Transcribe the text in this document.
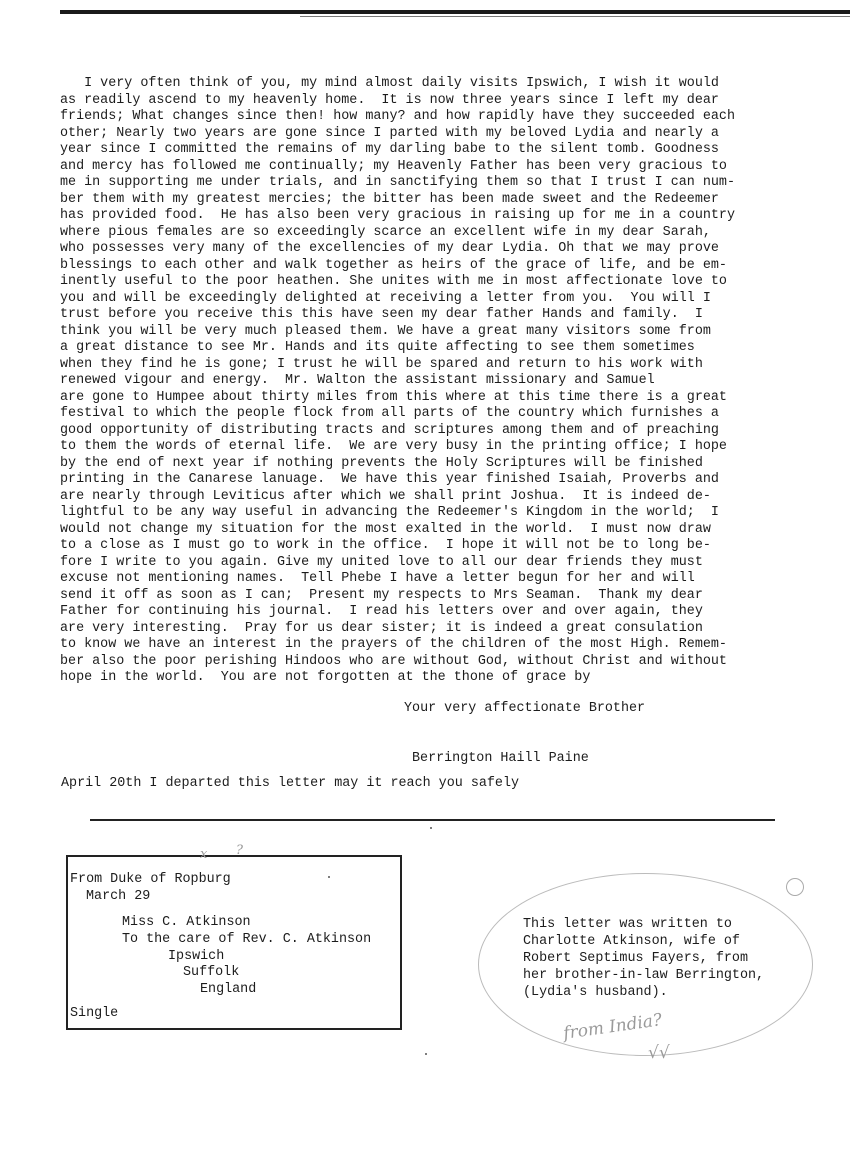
I very often think of you, my mind almost daily visits Ipswich, I wish it would
as readily ascend to my heavenly home.  It is now three years since I left my dear
friends; What changes since then! how many? and how rapidly have they succeeded each
other; Nearly two years are gone since I parted with my beloved Lydia and nearly a
year since I committed the remains of my darling babe to the silent tomb. Goodness
and mercy has followed me continually; my Heavenly Father has been very gracious to
me in supporting me under trials, and in sanctifying them so that I trust I can num-
ber them with my greatest mercies; the bitter has been made sweet and the Redeemer
has provided food.  He has also been very gracious in raising up for me in a country
where pious females are so exceedingly scarce an excellent wife in my dear Sarah,
who possesses very many of the excellencies of my dear Lydia. Oh that we may prove
blessings to each other and walk together as heirs of the grace of life, and be em-
inently useful to the poor heathen. She unites with me in most affectionate love to
you and will be exceedingly delighted at receiving a letter from you.  You will I
trust before you receive this this have seen my dear father Hands and family.  I
think you will be very much pleased them. We have a great many visitors some from
a great distance to see Mr. Hands and its quite affecting to see them sometimes
when they find he is gone; I trust he will be spared and return to his work with
renewed vigour and energy.  Mr. Walton the assistant missionary and Samuel
are gone to Humpee about thirty miles from this where at this time there is a great
festival to which the people flock from all parts of the country which furnishes a
good opportunity of distributing tracts and scriptures among them and of preaching
to them the words of eternal life.  We are very busy in the printing office; I hope
by the end of next year if nothing prevents the Holy Scriptures will be finished
printing in the Canarese lanuage.  We have this year finished Isaiah, Proverbs and
are nearly through Leviticus after which we shall print Joshua.  It is indeed de-
lightful to be any way useful in advancing the Redeemer's Kingdom in the world;  I
would not change my situation for the most exalted in the world.  I must now draw
to a close as I must go to work in the office.  I hope it will not be to long be-
fore I write to you again. Give my united love to all our dear friends they must
excuse not mentioning names.  Tell Phebe I have a letter begun for her and will
send it off as soon as I can;  Present my respects to Mrs Seaman.  Thank my dear
Father for continuing his journal.  I read his letters over and over again, they
are very interesting.  Pray for us dear sister; it is indeed a great consulation
to know we have an interest in the prayers of the children of the most High. Remem-
ber also the poor perishing Hindoos who are without God, without Christ and without
hope in the world.  You are not forgotten at the thone of grace by
Your very affectionate Brother
Berrington Haill Paine
April 20th I departed this letter may it reach you safely
From Duke of Ropburg
March 29
Miss C. Atkinson
To the care of Rev. C. Atkinson
Ipswich
Suffolk
England
Single
x ?
This letter was written to
Charlotte Atkinson, wife of
Robert Septimus Fayers, from
her brother-in-law Berrington,
(Lydia's husband).
from India?
√√
